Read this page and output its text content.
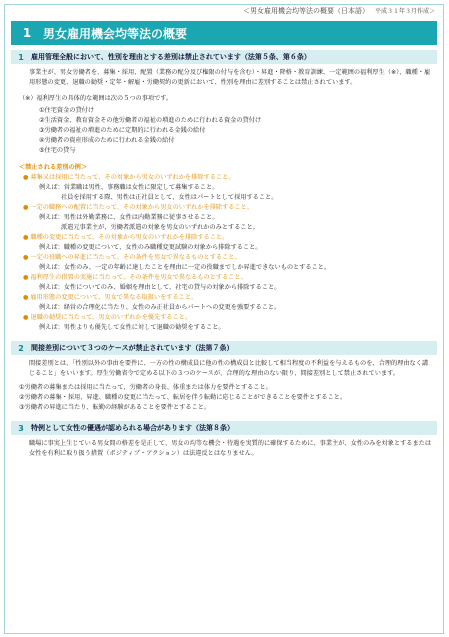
＜男女雇用機会均等法の概要（日本語） 平成３１年３月作成＞
1 男女雇用機会均等法の概要
1	雇用管理全般において、性別を理由とする差別は禁止されています（法第５条、第６条）
事業主が、男女労働者を、募集・採用、配置（業務の配分及び権限の付与を含む）・昇進・降格・教育訓練、一定範囲の福利厚生（※）、職種・雇用形態の変更、退職の勧奨・定年・解雇・労働契約の更新において、性別を理由に差別することは禁止されています。
（※）福利厚生の具体的な範囲は次の５つの事項です。
①住宅資金の貸付け
②生活資金、教育資金その他労働者の福祉の増進のために行われる資金の貸付け
③労働者の福祉の増進のために定期的に行われる金銭の給付
④労働者の資産形成のために行われる金銭の給付
⑤住宅の貸与
＜禁止される差別の例＞
● 募集又は採用に当たって、その対象から男女のいずれかを排除すること。
例えば：営業職は男性、事務職は女性に限定して募集すること。
社員を採用する際、男性は正社員として、女性はパートとして採用すること。
● 一定の職務への配置に当たって、その対象から男女のいずれかを排除すること。
例えば：男性は外勤業務に、女性は内勤業務に従事させること。
派遣元事業主が、労働者派遣の対象を男女のいずれかのみとすること。
● 職種の変更に当たって、その対象から男女のいずれかを排除すること。
例えば：職種の変更について、女性のみ職種変更試験の対象から排除すること。
● 一定の役職への昇進に当たって、その条件を男女で異なるものとすること。
例えば：女性のみ、一定の年齢に達したことを理由に一定の役職までしか昇進できないものとすること。
● 福利厚生の措置の実施に当たって、その条件を男女で異なるものとすること。
例えば：女性についてのみ、婚姻を理由として、社宅の貸与の対象から排除すること。
● 雇用形態の変更について、男女で異なる取扱いをすること。
例えば：経営の合理化に当たり、女性のみ正社員からパートへの変更を強要すること。
● 退職の勧奨に当たって、男女のいずれかを優先すること。
例えば：男性よりも優先して女性に対して退職の勧奨をすること。
2	間接差別について３つのケースが禁止されています（法第７条）
間接差別とは、「性別以外の事由を要件に、一方の性の構成員に他の性の構成員と比較して相当程度の不利益を与えるものを、合理的理由なく講じること」をいいます。厚生労働省令で定める以下の３つのケースが、合理的な理由のない限り、間接差別として禁止されています。
①労働者の募集または採用に当たって、労働者の身長、体重または体力を要件とすること。
②労働者の募集・採用、昇進、職種の変更に当たって、転居を伴う転勤に応じることができることを要件とすること。
③労働者の昇進に当たり、転勤の経験があることを要件とすること。
3	特例として女性の優遇が認められる場合があります（法第８条）
職場に事実上生じている男女間の格差を是正して、男女の均等な機会・待遇を実質的に確保するために、事業主が、女性のみを対象とするまたは女性を有利に取り扱う措置（ポジティブ・アクション）は法違反とはなりません。
